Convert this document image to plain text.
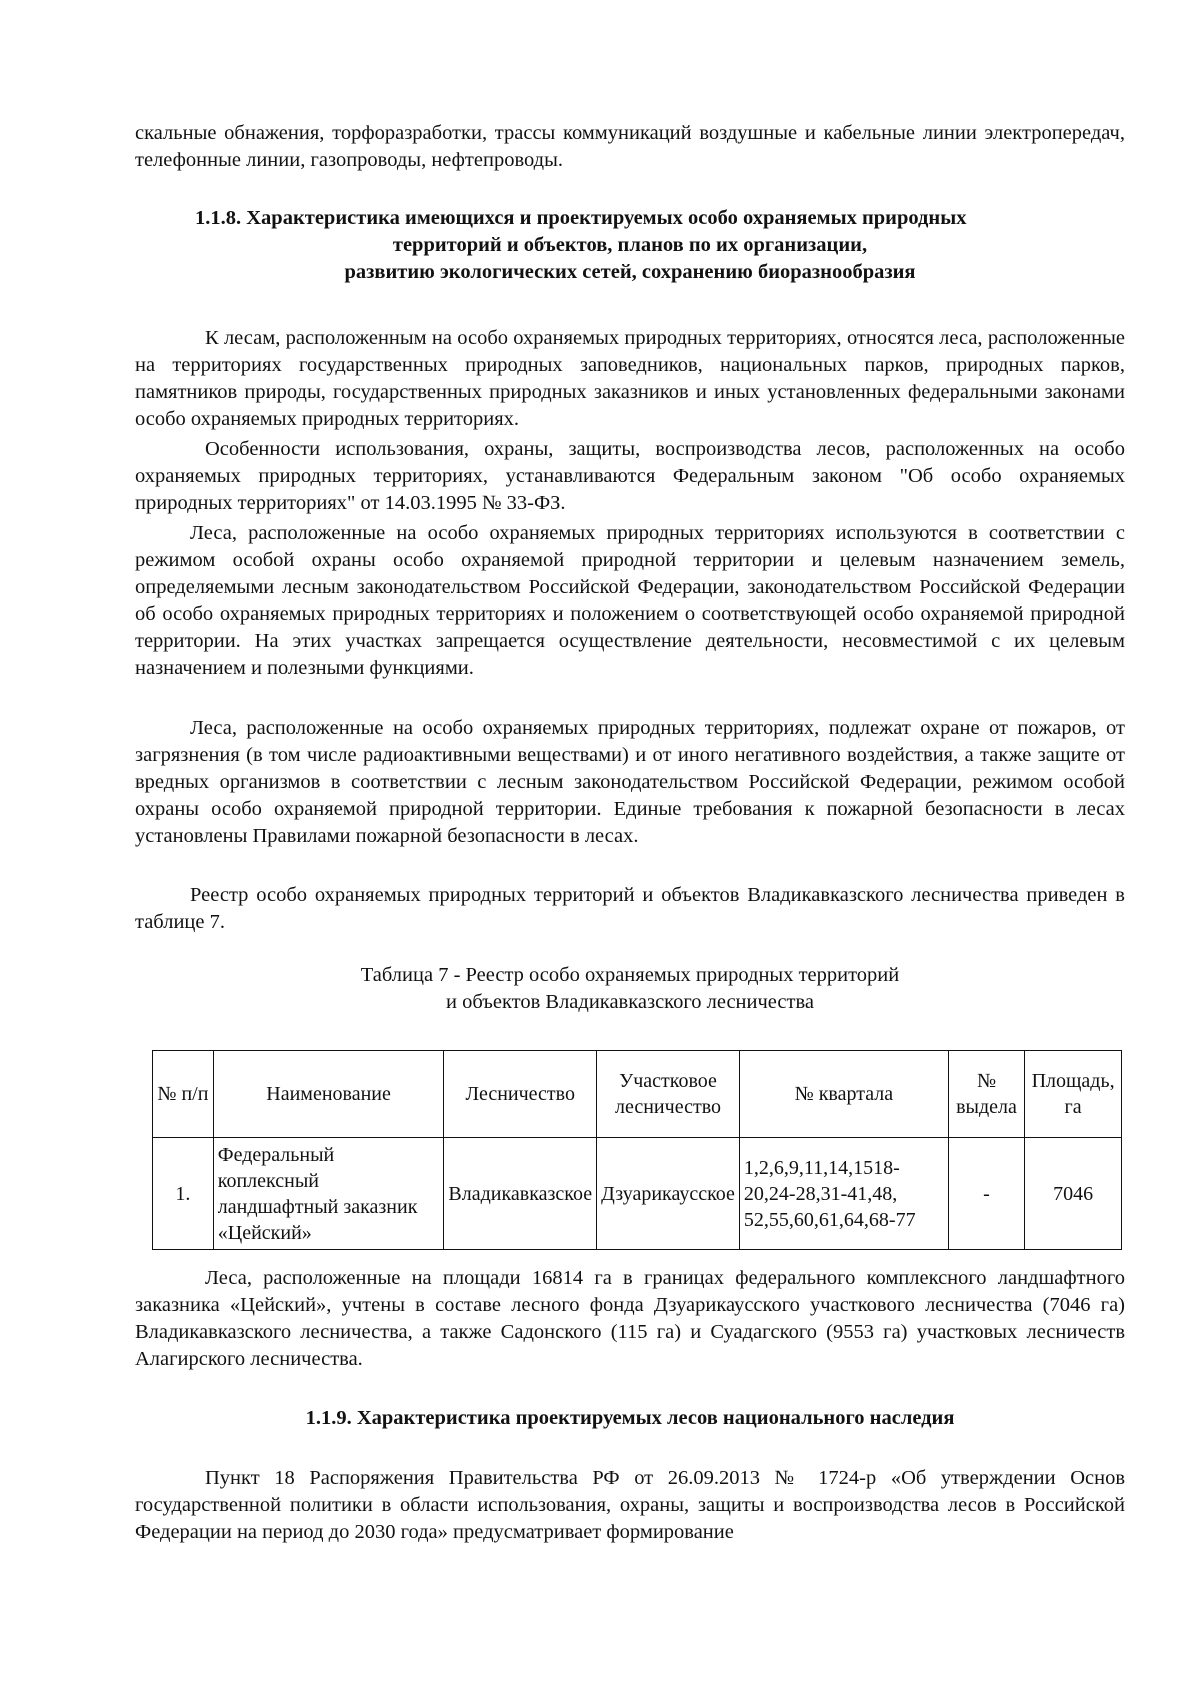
скальные обнажения, торфоразработки, трассы коммуникаций воздушные и кабельные линии электропередач, телефонные линии, газопроводы, нефтепроводы.

1.1.8. Характеристика имеющихся и проектируемых особо охраняемых природных
территорий и объектов, планов по их организации,
развитию экологических сетей, сохранению биоразнообразия

К лесам, расположенным на особо охраняемых природных территориях, относятся леса, расположенные на территориях государственных природных заповедников, национальных парков, природных парков, памятников природы, государственных природных заказников и иных установленных федеральными законами особо охраняемых природных территориях.

Особенности использования, охраны, защиты, воспроизводства лесов, расположенных на особо охраняемых природных территориях, устанавливаются Федеральным законом "Об особо охраняемых природных территориях" от 14.03.1995 № 33-ФЗ.

Леса, расположенные на особо охраняемых природных территориях используются в соответствии с режимом особой охраны особо охраняемой природной территории и целевым назначением земель, определяемыми лесным законодательством Российской Федерации, законодательством Российской Федерации об особо охраняемых природных территориях и положением о соответствующей особо охраняемой природной территории. На этих участках запрещается осуществление деятельности, несовместимой с их целевым назначением и полезными функциями.

Леса, расположенные на особо охраняемых природных территориях, подлежат охране от пожаров, от загрязнения (в том числе радиоактивными веществами) и от иного негативного воздействия, а также защите от вредных организмов в соответствии с лесным законодательством Российской Федерации, режимом особой охраны особо охраняемой природной территории. Единые требования к пожарной безопасности в лесах установлены Правилами пожарной безопасности в лесах.

Реестр особо охраняемых природных территорий и объектов Владикавказского лесничества приведен в таблице 7.

Таблица 7 - Реестр особо охраняемых природных территорий
и объектов Владикавказского лесничества
№ п/п	Наименование	Лесничество	Участковое лесничество	№ квартала	№ выдела	Площадь, га
1.	Федеральный коплексный ландшафтный заказник «Цейский»	Владикавказское	Дзуарикаусское	1,2,6,9,11,14,1518-20,24-28,31-41,48, 52,55,60,61,64,68-77	-	7046

Леса, расположенные на площади 16814 га в границах федерального комплексного ландшафтного заказника «Цейский», учтены в составе лесного фонда Дзуарикаусского участкового лесничества (7046 га) Владикавказского лесничества, а также Садонского (115 га) и Суадагского (9553 га) участковых лесничеств Алагирского лесничества.

1.1.9. Характеристика проектируемых лесов национального наследия

Пункт 18 Распоряжения Правительства РФ от 26.09.2013 № 1724-р «Об утверждении Основ государственной политики в области использования, охраны, защиты и воспроизводства лесов в Российской Федерации на период до 2030 года» предусматривает формирование
